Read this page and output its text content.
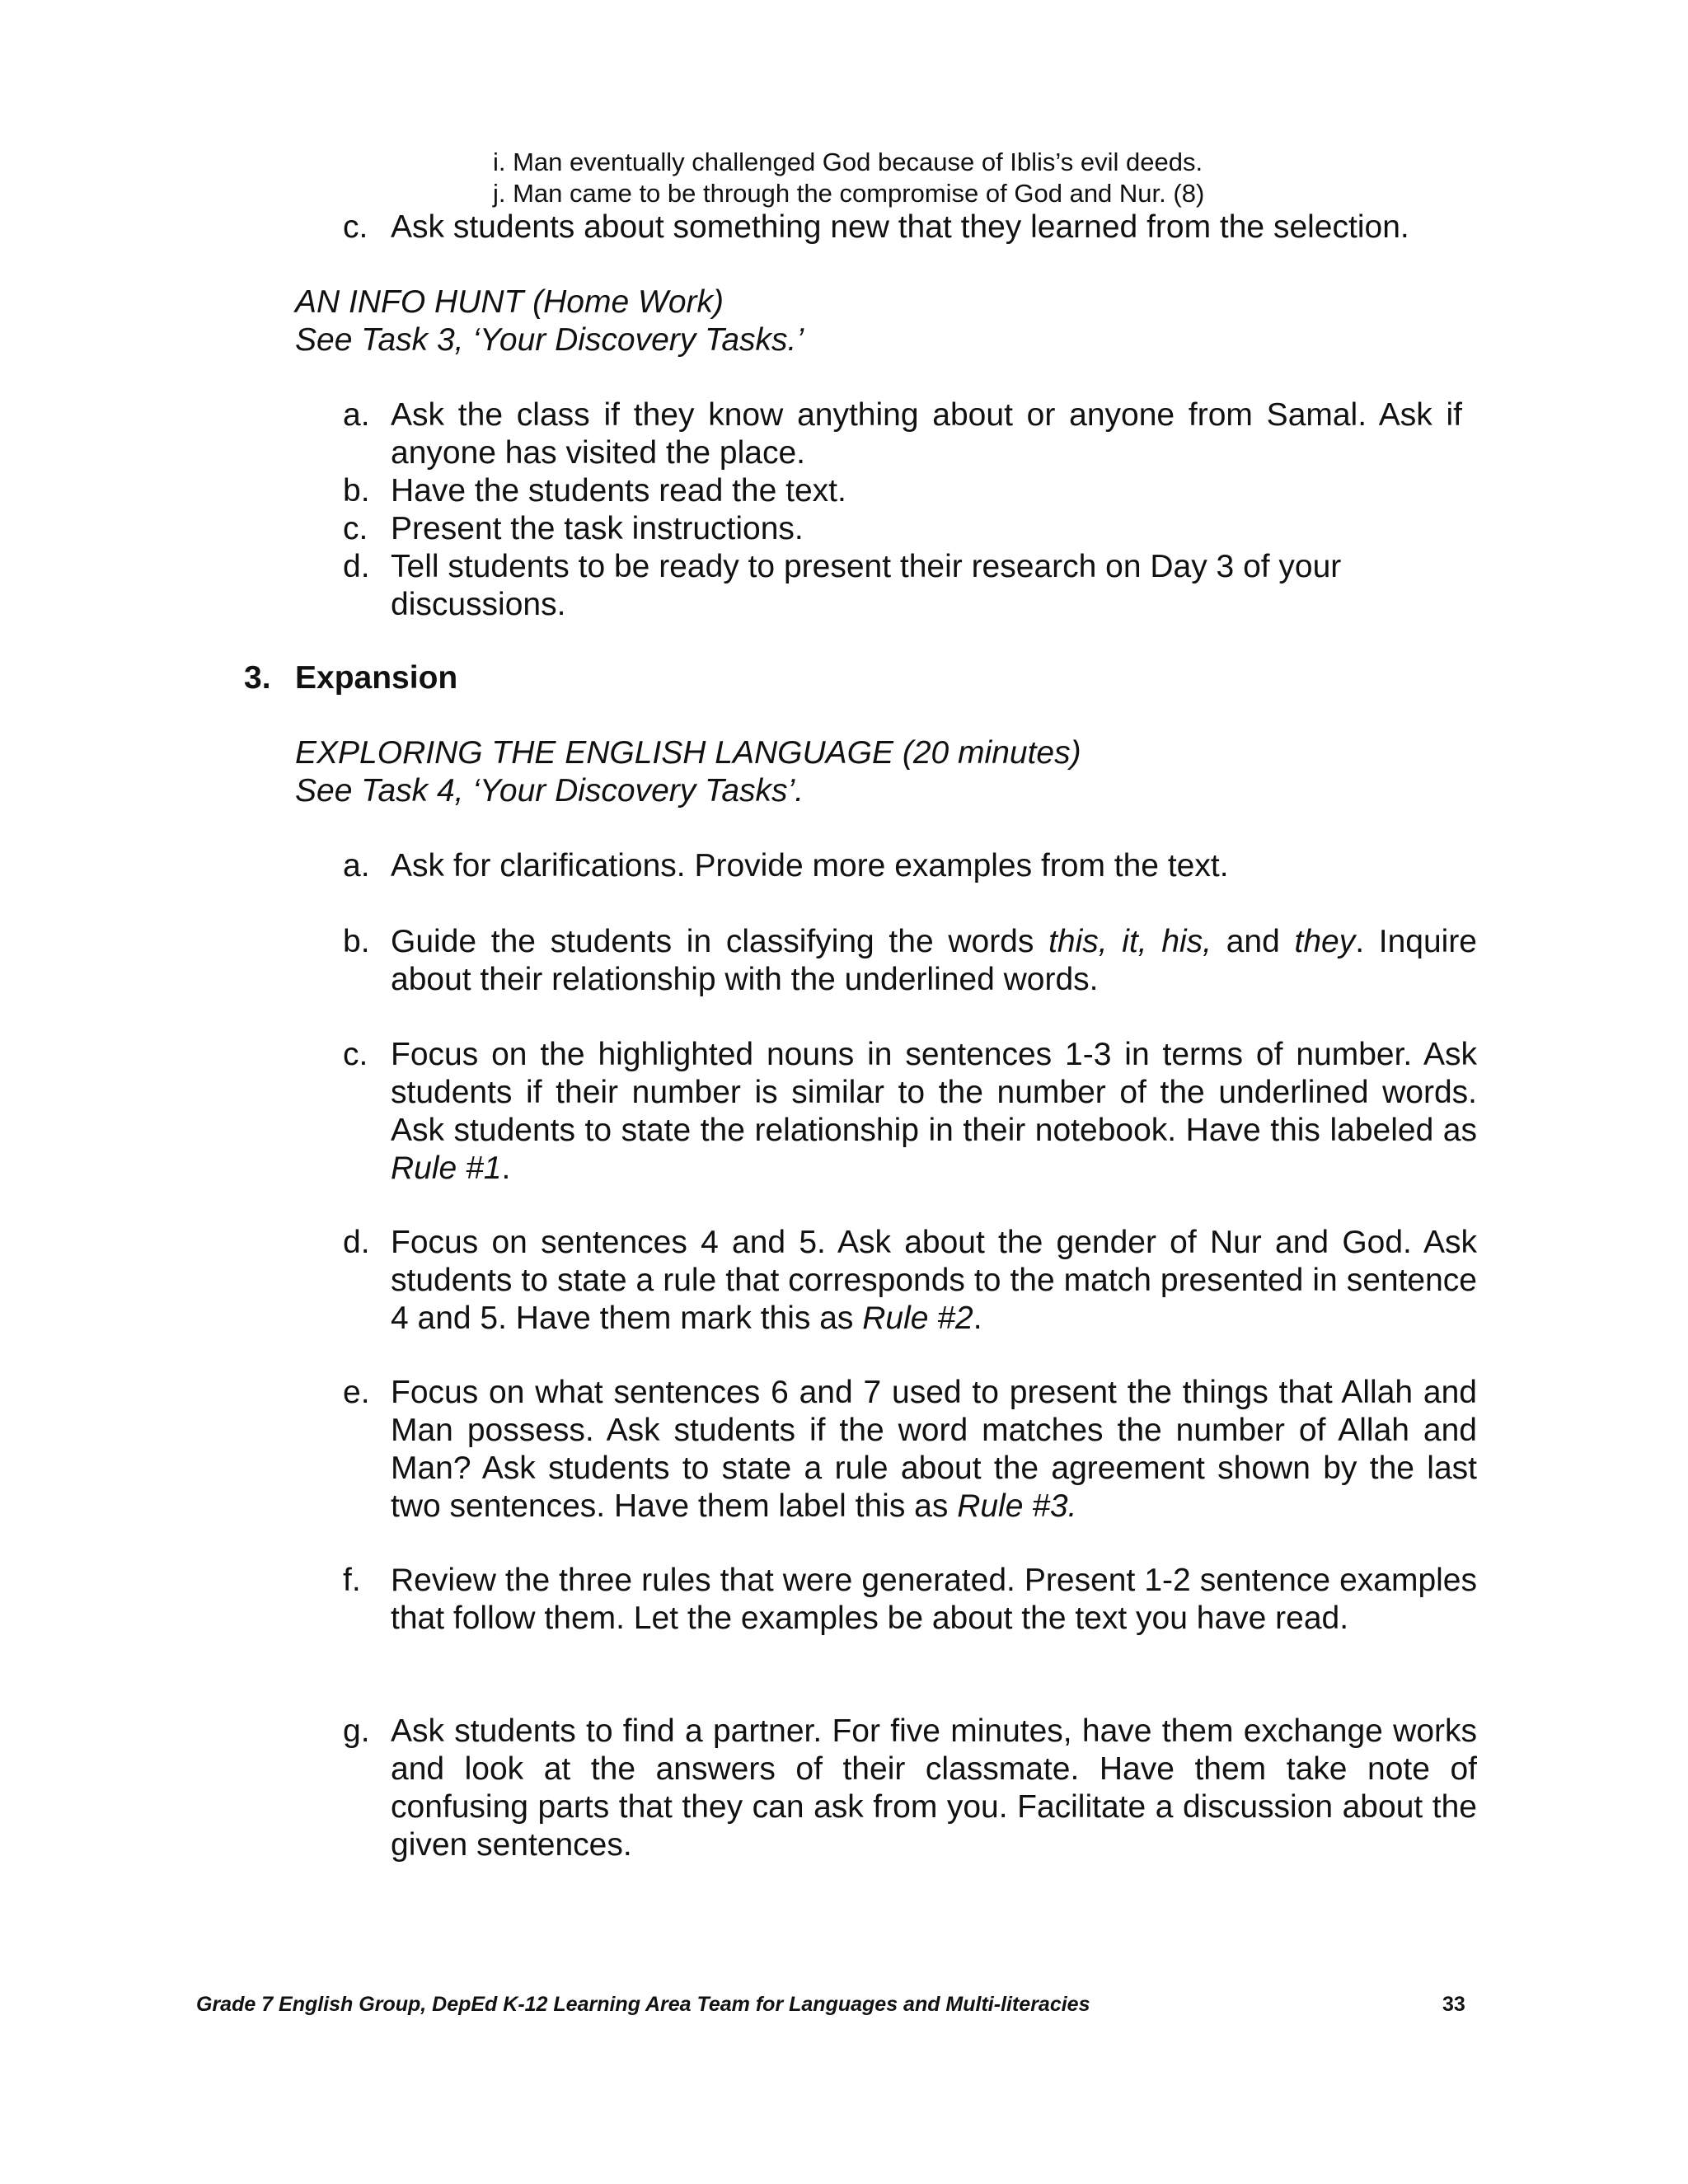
i. Man eventually challenged God because of Iblis’s evil deeds.

j. Man came to be through the compromise of God and Nur. (8)

c. Ask students about something new that they learned from the selection.

AN INFO HUNT (Home Work)

See Task 3, ‘Your Discovery Tasks.’

a. Ask the class if they know anything about or anyone from Samal. Ask if anyone has visited the place.
b. Have the students read the text.
c. Present the task instructions.
d. Tell students to be ready to present their research on Day 3 of your discussions.

3. Expansion

EXPLORING THE ENGLISH LANGUAGE (20 minutes)

See Task 4, ‘Your Discovery Tasks’.

a. Ask for clarifications. Provide more examples from the text.
b. Guide the students in classifying the words this, it, his, and they. Inquire about their relationship with the underlined words.
c. Focus on the highlighted nouns in sentences 1-3 in terms of number. Ask students if their number is similar to the number of the underlined words. Ask students to state the relationship in their notebook. Have this labeled as Rule #1.
d. Focus on sentences 4 and 5. Ask about the gender of Nur and God. Ask students to state a rule that corresponds to the match presented in sentence 4 and 5. Have them mark this as Rule #2.
e. Focus on what sentences 6 and 7 used to present the things that Allah and Man possess. Ask students if the word matches the number of Allah and Man? Ask students to state a rule about the agreement shown by the last two sentences. Have them label this as Rule #3.
f. Review the three rules that were generated. Present 1-2 sentence examples that follow them. Let the examples be about the text you have read.
g. Ask students to find a partner. For five minutes, have them exchange works and look at the answers of their classmate. Have them take note of confusing parts that they can ask from you. Facilitate a discussion about the given sentences.

Grade 7 English Group, DepEd K-12 Learning Area Team for Languages and Multi-literacies	33
